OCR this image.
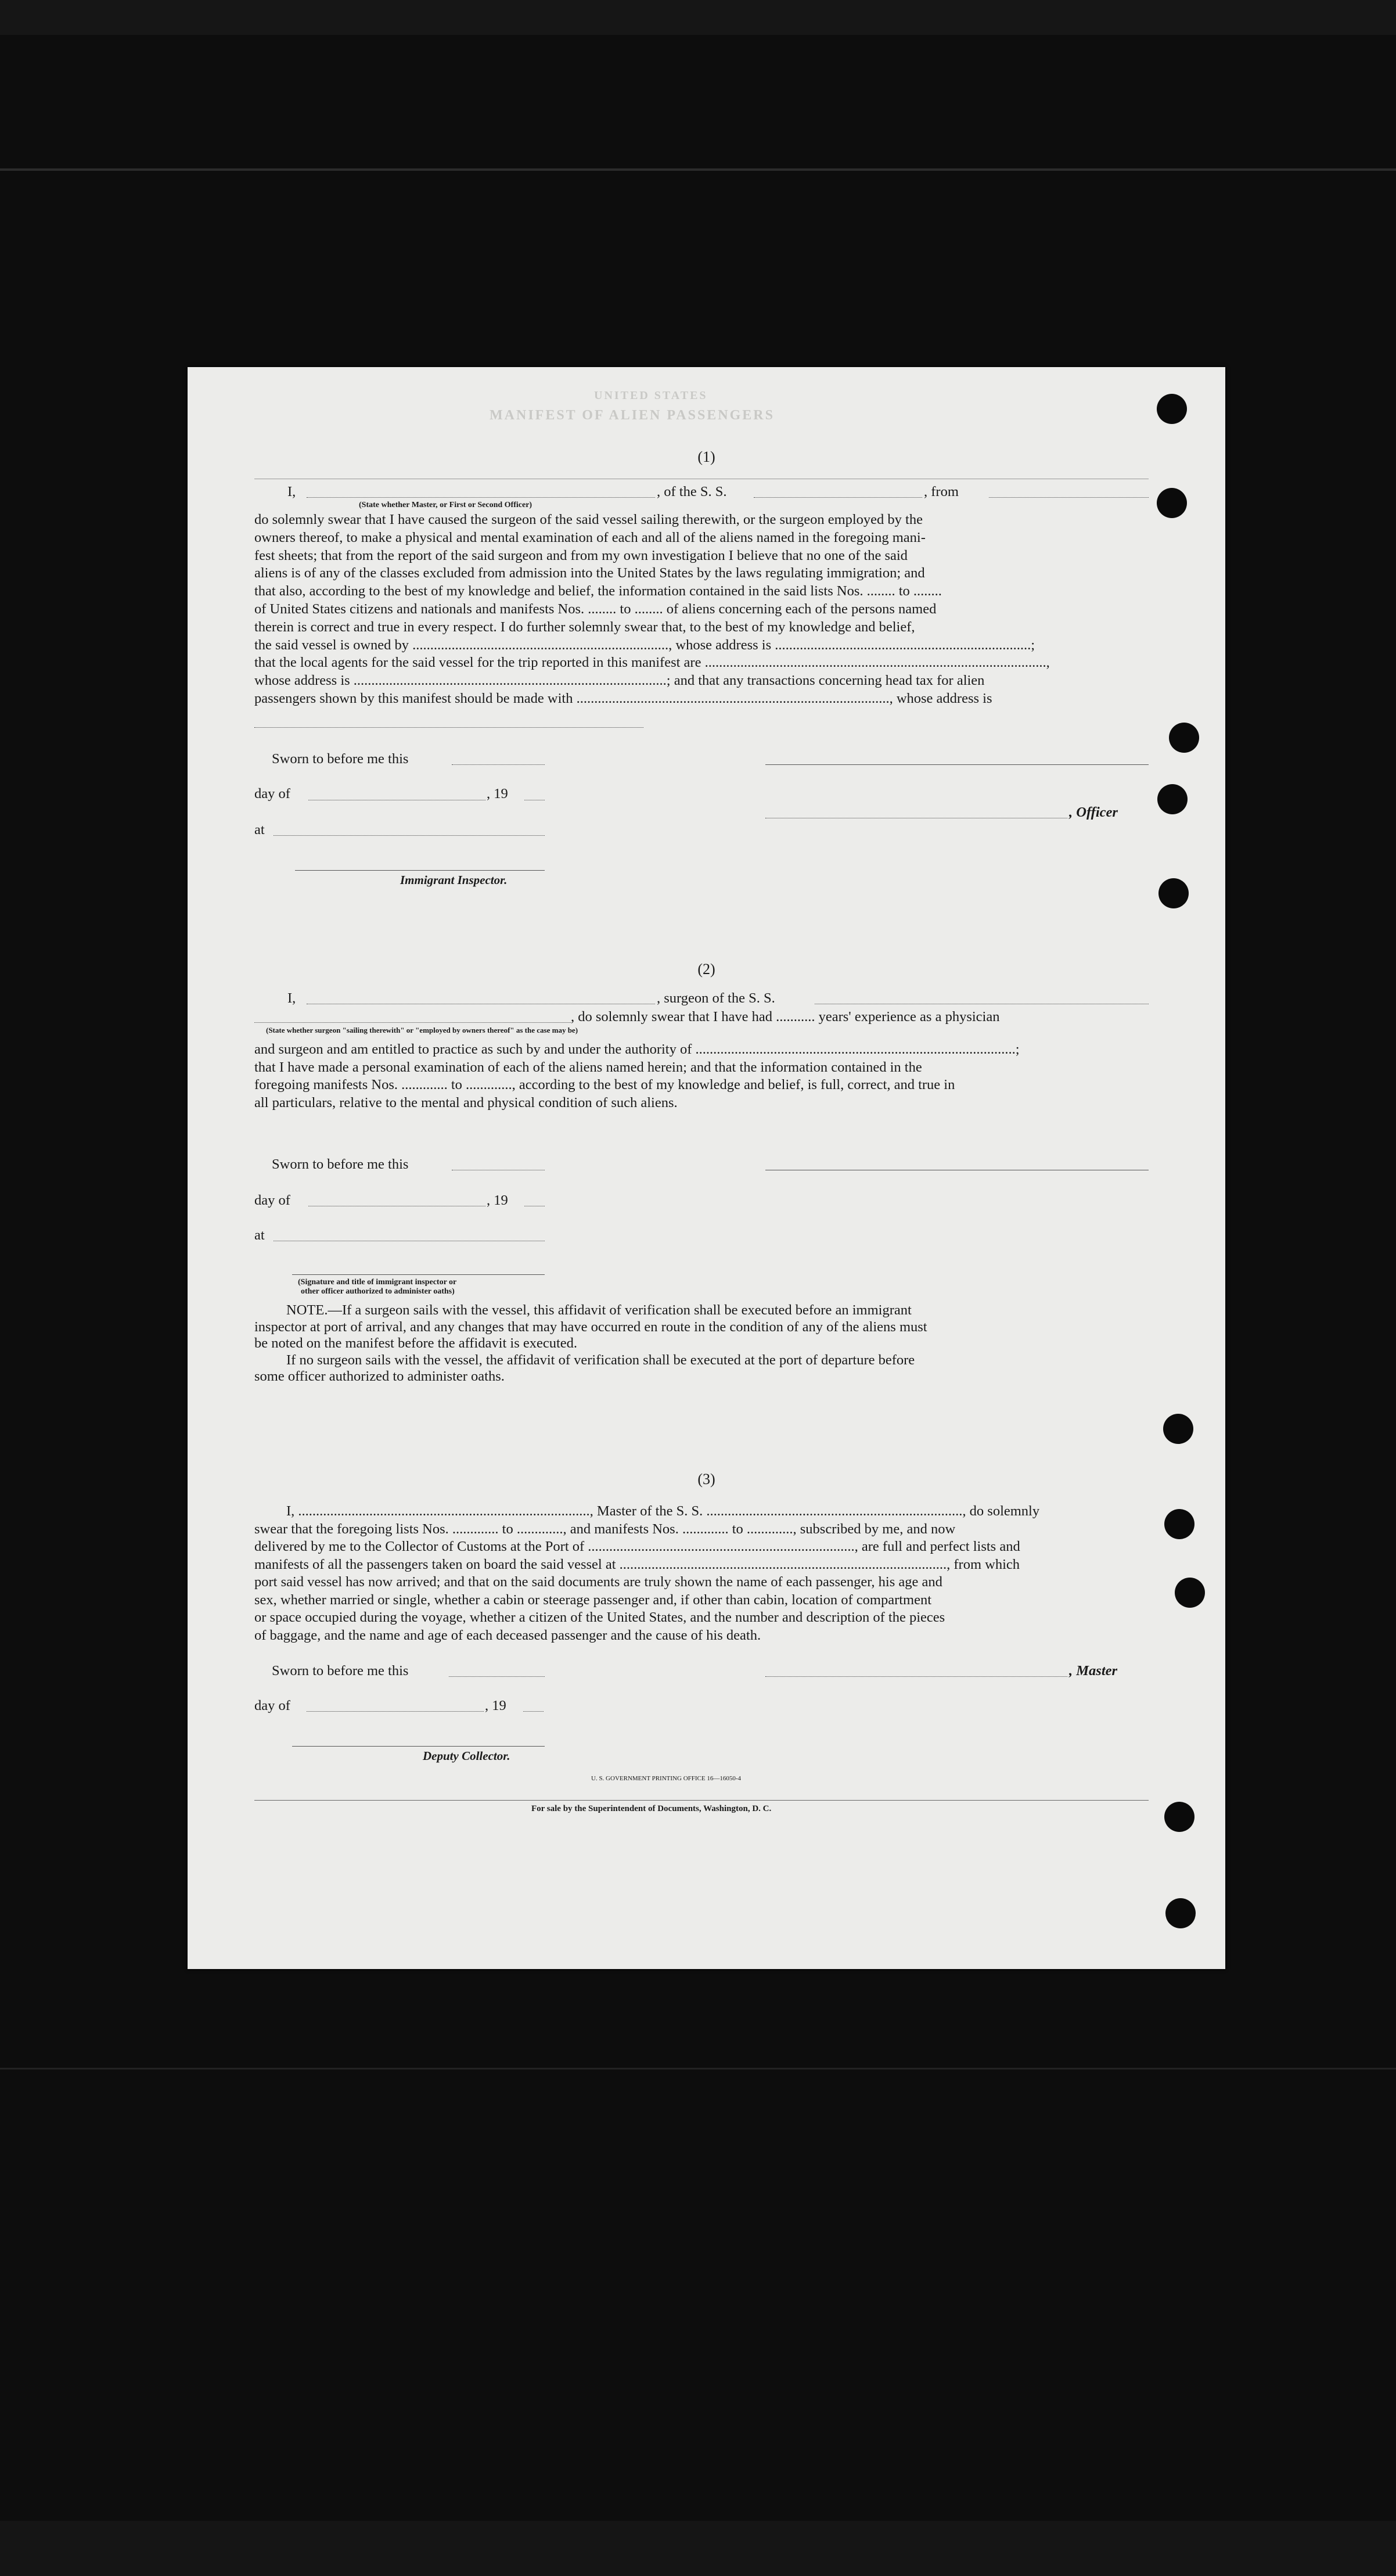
MANIFEST OF ALIEN PASSENGERS
UNITED STATES
(1)
I,	, of the S. S.	, from
(State whether Master, or First or Second Officer)
do solemnly swear that I have caused the surgeon of the said vessel sailing therewith, or the surgeon employed by the
owners thereof, to make a physical and mental examination of each and all of the aliens named in the foregoing mani-
fest sheets; that from the report of the said surgeon and from my own investigation I believe that no one of the said
aliens is of any of the classes excluded from admission into the United States by the laws regulating immigration; and
that also, according to the best of my knowledge and belief, the information contained in the said lists Nos. ........ to ........
of United States citizens and nationals and manifests Nos. ........ to ........ of aliens concerning each of the persons named
therein is correct and true in every respect. I do further solemnly swear that, to the best of my knowledge and belief,
the said vessel is owned by ........................................................................, whose address is ........................................................................;
that the local agents for the said vessel for the trip reported in this manifest are ................................................................................................,
whose address is ........................................................................................; and that any transactions concerning head tax for alien
passengers shown by this manifest should be made with ........................................................................................, whose address is
Sworn to before me this
day of	, 19
, Officer
at
Immigrant Inspector.
(2)
I,	, surgeon of the S. S.
, do solemnly swear that I have had ........... years' experience as a physician
(State whether surgeon "sailing therewith" or "employed by owners thereof" as the case may be)
and surgeon and am entitled to practice as such by and under the authority of ..........................................................................................;
that I have made a personal examination of each of the aliens named herein; and that the information contained in the
foregoing manifests Nos. ............. to ............., according to the best of my knowledge and belief, is full, correct, and true in
all particulars, relative to the mental and physical condition of such aliens.
Sworn to before me this
day of	, 19
at
(Signature and title of immigrant inspector or
other officer authorized to administer oaths)
NOTE.—If a surgeon sails with the vessel, this affidavit of verification shall be executed before an immigrant
inspector at port of arrival, and any changes that may have occurred en route in the condition of any of the aliens must
be noted on the manifest before the affidavit is executed.
If no surgeon sails with the vessel, the affidavit of verification shall be executed at the port of departure before
some officer authorized to administer oaths.
(3)
I, .................................................................................., Master of the S. S. ........................................................................, do solemnly
swear that the foregoing lists Nos. ............. to ............., and manifests Nos. ............. to ............., subscribed by me, and now
delivered by me to the Collector of Customs at the Port of ..........................................................................., are full and perfect lists and
manifests of all the passengers taken on board the said vessel at ............................................................................................, from which
port said vessel has now arrived; and that on the said documents are truly shown the name of each passenger, his age and
sex, whether married or single, whether a cabin or steerage passenger and, if other than cabin, location of compartment
or space occupied during the voyage, whether a citizen of the United States, and the number and description of the pieces
of baggage, and the name and age of each deceased passenger and the cause of his death.
Sworn to before me this	, Master
day of	, 19
Deputy Collector.
U. S. GOVERNMENT PRINTING OFFICE 16—16050-4
For sale by the Superintendent of Documents, Washington, D. C.
